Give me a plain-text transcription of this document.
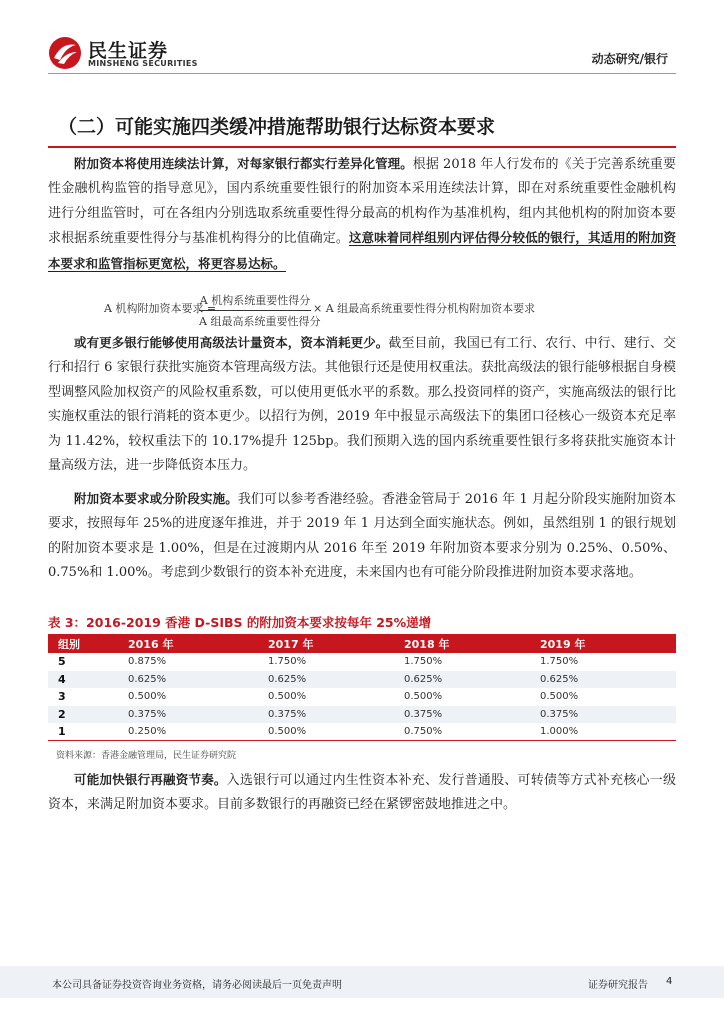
民生证券
MINSHENG SECURITIES	动态研究/银行
（二）可能实施四类缓冲措施帮助银行达标资本要求

附加资本将使用连续法计算，对每家银行都实行差异化管理。根据 2018 年人行发布的《关于完善系统重要性金融机构监管的指导意见》，国内系统重要性银行的附加资本采用连续法计算，即在对系统重要性金融机构进行分组监管时，可在各组内分别选取系统重要性得分最高的机构作为基准机构，组内其他机构的附加资本要求根据系统重要性得分与基准机构得分的比值确定。这意味着同样组别内评估得分较低的银行，其适用的附加资本要求和监管指标更宽松，将更容易达标。

A 机构附加资本要求 =
A 机构系统重要性得分
A 组最高系统重要性得分
× A 组最高系统重要性得分机构附加资本要求

或有更多银行能够使用高级法计量资本，资本消耗更少。截至目前，我国已有工行、农行、中行、建行、交行和招行 6 家银行获批实施资本管理高级方法。其他银行还是使用权重法。获批高级法的银行能够根据自身模型调整风险加权资产的风险权重系数，可以使用更低水平的系数。那么投资同样的资产，实施高级法的银行比实施权重法的银行消耗的资本更少。以招行为例，2019 年中报显示高级法下的集团口径核心一级资本充足率为 11.42%，较权重法下的 10.17%提升 125bp。我们预期入选的国内系统重要性银行多将获批实施资本计量高级方法，进一步降低资本压力。

附加资本要求或分阶段实施。我们可以参考香港经验。香港金管局于 2016 年 1 月起分阶段实施附加资本要求，按照每年 25%的进度逐年推进，并于 2019 年 1 月达到全面实施状态。例如，虽然组别 1 的银行规划的附加资本要求是 1.00%，但是在过渡期内从 2016 年至 2019 年附加资本要求分别为 0.25%、0.50%、0.75%和 1.00%。考虑到少数银行的资本补充进度，未来国内也有可能分阶段推进附加资本要求落地。

表 3：2016-2019 香港 D-SIBS 的附加资本要求按每年 25%递增
组别	2016 年	2017 年	2018 年	2019 年
5	0.875%	1.750%	1.750%	1.750%
4	0.625%	0.625%	0.625%	0.625%
3	0.500%	0.500%	0.500%	0.500%
2	0.375%	0.375%	0.375%	0.375%
1	0.250%	0.500%	0.750%	1.000%
资料来源：香港金融管理局，民生证券研究院

可能加快银行再融资节奏。入选银行可以通过内生性资本补充、发行普通股、可转债等方式补充核心一级资本，来满足附加资本要求。目前多数银行的再融资已经在紧锣密鼓地推进之中。

本公司具备证券投资咨询业务资格，请务必阅读最后一页免责声明	证券研究报告 4
